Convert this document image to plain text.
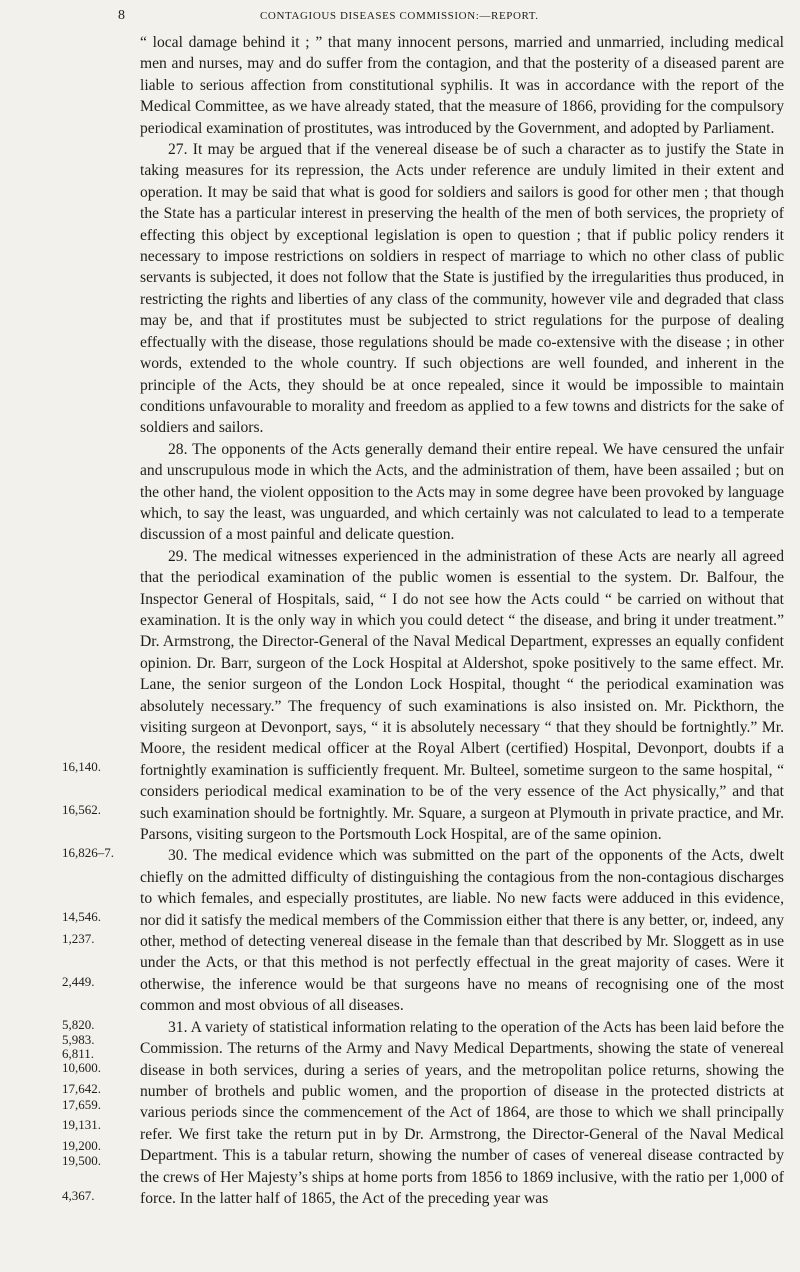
8	CONTAGIOUS DISEASES COMMISSION:—REPORT.

“ local damage behind it ; ” that many innocent persons, married and unmarried, including medical men and nurses, may and do suffer from the contagion, and that the posterity of a diseased parent are liable to serious affection from constitutional syphilis. It was in accordance with the report of the Medical Committee, as we have already stated, that the measure of 1866, providing for the compulsory periodical examination of prostitutes, was introduced by the Government, and adopted by Parliament.

27. It may be argued that if the venereal disease be of such a character as to justify the State in taking measures for its repression, the Acts under reference are unduly limited in their extent and operation. It may be said that what is good for soldiers and sailors is good for other men ; that though the State has a particular interest in preserving the health of the men of both services, the propriety of effecting this object by exceptional legislation is open to question ; that if public policy renders it necessary to impose restrictions on soldiers in respect of marriage to which no other class of public servants is subjected, it does not follow that the State is justified by the irregularities thus produced, in restricting the rights and liberties of any class of the community, however vile and degraded that class may be, and that if prostitutes must be subjected to strict regulations for the purpose of dealing effectually with the disease, those regulations should be made co-extensive with the disease ; in other words, extended to the whole country. If such objections are well founded, and inherent in the principle of the Acts, they should be at once repealed, since it would be impossible to maintain conditions unfavourable to morality and freedom as applied to a few towns and districts for the sake of soldiers and sailors.

28. The opponents of the Acts generally demand their entire repeal. We have censured the unfair and unscrupulous mode in which the Acts, and the administration of them, have been assailed ; but on the other hand, the violent opposition to the Acts may in some degree have been provoked by language which, to say the least, was unguarded, and which certainly was not calculated to lead to a temperate discussion of a most painful and delicate question.

29. The medical witnesses experienced in the administration of these Acts are nearly all agreed that the periodical examination of the public women is essential to the system. Dr. Balfour, the Inspector General of Hospitals, said, “ I do not see how the Acts could “ be carried on without that examination. It is the only way in which you could detect “ the disease, and bring it under treatment.” Dr. Armstrong, the Director-General of the Naval Medical Department, expresses an equally confident opinion. Dr. Barr, surgeon of the Lock Hospital at Aldershot, spoke positively to the same effect. Mr. Lane, the senior surgeon of the London Lock Hospital, thought “ the periodical examination was absolutely necessary.” The frequency of such examinations is also insisted on. Mr. Pickthorn, the visiting surgeon at Devonport, says, “ it is absolutely necessary “ that they should be fortnightly.” Mr. Moore, the resident medical officer at the Royal Albert (certified) Hospital, Devonport, doubts if a fortnightly examination is sufficiently frequent. Mr. Bulteel, sometime surgeon to the same hospital, “ considers periodical medical examination to be of the very essence of the Act physically,” and that such examination should be fortnightly. Mr. Square, a surgeon at Plymouth in private practice, and Mr. Parsons, visiting surgeon to the Portsmouth Lock Hospital, are of the same opinion.

30. The medical evidence which was submitted on the part of the opponents of the Acts, dwelt chiefly on the admitted difficulty of distinguishing the contagious from the non-contagious discharges to which females, and especially prostitutes, are liable. No new facts were adduced in this evidence, nor did it satisfy the medical members of the Commission either that there is any better, or, indeed, any other, method of detecting venereal disease in the female than that described by Mr. Sloggett as in use under the Acts, or that this method is not perfectly effectual in the great majority of cases. Were it otherwise, the inference would be that surgeons have no means of recognising one of the most common and most obvious of all diseases.

31. A variety of statistical information relating to the operation of the Acts has been laid before the Commission. The returns of the Army and Navy Medical Departments, showing the state of venereal disease in both services, during a series of years, and the metropolitan police returns, showing the number of brothels and public women, and the proportion of disease in the protected districts at various periods since the commencement of the Act of 1864, are those to which we shall principally refer. We first take the return put in by Dr. Armstrong, the Director-General of the Naval Medical Department. This is a tabular return, showing the number of cases of venereal disease contracted by the crews of Her Majesty’s ships at home ports from 1856 to 1869 inclusive, with the ratio per 1,000 of force. In the latter half of 1865, the Act of the preceding year was

16,140.
16,562.
16,826–7.
14,546.
1,237.
2,449.
5,820.
5,983.
6,811.
10,600.
17,642.
17,659.
19,131.
19,200.
19,500.
4,367.
